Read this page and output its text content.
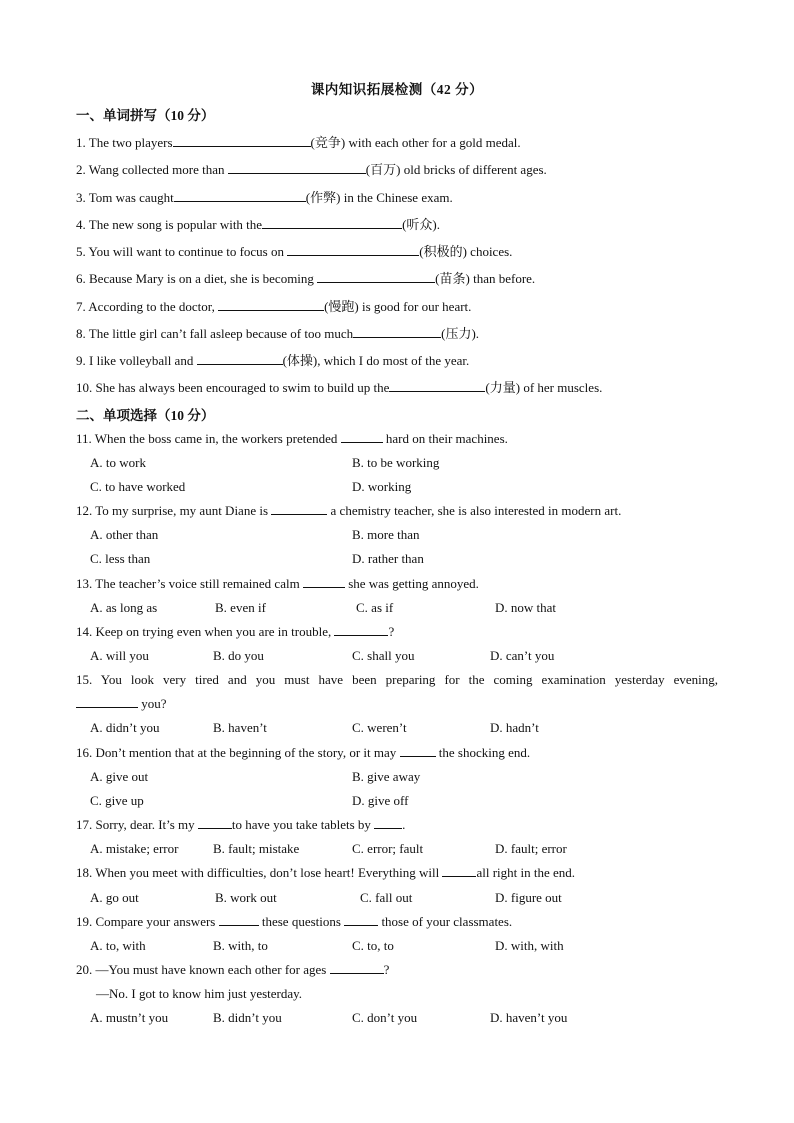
课内知识拓展检测（42 分）
一、单词拼写（10 分）
1. The two players	(竞争) with each other for a gold medal.
2. Wang collected more than	(百万) old bricks of different ages.
3. Tom was caught	(作弊) in the Chinese exam.
4. The new song is popular with the	(听众).
5. You will want to continue to focus on	(积极的) choices.
6. Because Mary is on a diet, she is becoming	(苗条) than before.
7. According to the doctor,	(慢跑) is good for our heart.
8. The little girl can’t fall asleep because of too much	(压力).
9. I like volleyball and	(体操), which I do most of the year.
10. She has always been encouraged to swim to build up the	(力量) of her muscles.
二、单项选择（10 分）
11. When the boss came in, the workers pretended	hard on their machines.
A. to work	B. to be working
C. to have worked	D. working
12. To my surprise, my aunt Diane is	a chemistry teacher, she is also interested in modern art.
A. other than	B. more than
C. less than	D. rather than
13. The teacher’s voice still remained calm	she was getting annoyed.
A. as long as	B. even if	C. as if	D. now that
14. Keep on trying even when you are in trouble,	?
A. will you	B. do you	C. shall you	D. can’t you
15. You look very tired and you must have been preparing for the coming examination yesterday evening,
you?
A. didn’t you	B. haven’t	C. weren’t	D. hadn’t
16. Don’t mention that at the beginning of the story, or it may	the shocking end.
A. give out	B. give away
C. give up	D. give off
17. Sorry, dear. It’s my	to have you take tablets by .
A. mistake; error	B. fault; mistake	C. error; fault	D. fault; error
18. When you meet with difficulties, don’t lose heart! Everything will	all right in the end.
A. go out	B. work out	C. fall out	D. figure out
19. Compare your answers	these questions	those of your classmates.
A. to, with	B. with, to	C. to, to	D. with, with
20. —You must have known each other for ages	?
—No. I got to know him just yesterday.
A. mustn’t you	B. didn’t you	C. don’t you	D. haven’t you
